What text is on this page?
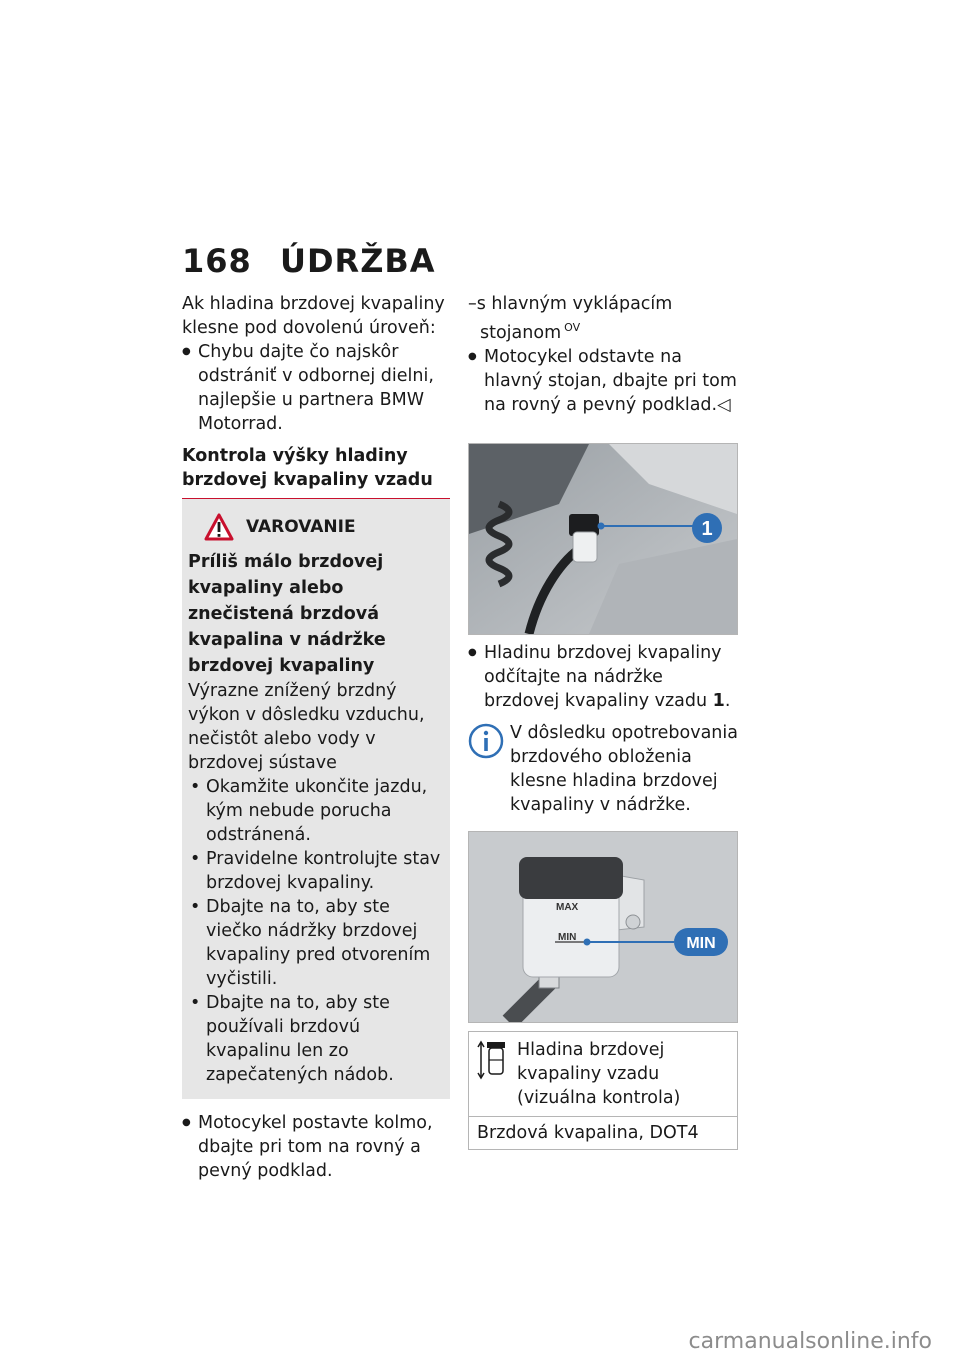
168 ÚDRŽBA

Ak hladina brzdovej kvapaliny klesne pod dovolenú úroveň:

● Chybu dajte čo najskôr odstrániť v odbornej dielni, najlepšie u partnera BMW Motorrad.

Kontrola výšky hladiny brzdovej kvapaliny vzadu

VAROVANIE

Príliš málo brzdovej kvapaliny alebo znečistená brzdová kvapalina v nádržke brzdovej kvapaliny

Výrazne znížený brzdný výkon v dôsledku vzduchu, nečistôt alebo vody v brzdovej sústave

• Okamžite ukončite jazdu, kým nebude porucha odstránená.

• Pravidelne kontrolujte stav brzdovej kvapaliny.

• Dbajte na to, aby ste viečko nádržky brzdovej kvapaliny pred otvorením vyčistili.

• Dbajte na to, aby ste používali brzdovú kvapalinu len zo zapečatených nádob.

● Motocykel postavte kolmo, dbajte pri tom na rovný a pevný podklad.

–s hlavným vyklápacím stojanom $^{OV}$

● Motocykel odstavte na hlavný stojan, dbajte pri tom na rovný a pevný podklad.◁

1

● Hladinu brzdovej kvapaliny odčítajte na nádržke brzdovej kvapaliny vzadu 1.

V dôsledku opotrebovania brzdového obloženia klesne hladina brzdovej kvapaliny v nádržke.

MAX
MIN	MIN

Hladina brzdovej kvapaliny vzadu (vizuálna kontrola)

Brzdová kvapalina, DOT4
carmanualsonline.info
